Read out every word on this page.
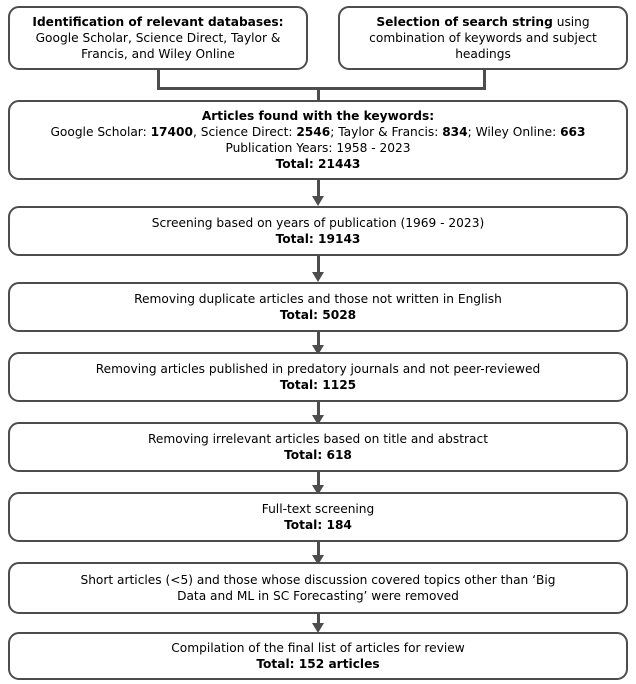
Identification of relevant databases:
Google Scholar, Science Direct, Taylor &
Francis, and Wiley Online
Selection of search string using
combination of keywords and subject
headings
Articles found with the keywords:
Google Scholar: 17400, Science Direct: 2546; Taylor & Francis: 834; Wiley Online: 663
Publication Years: 1958 - 2023
Total: 21443
Screening based on years of publication (1969 - 2023)
Total: 19143
Removing duplicate articles and those not written in English
Total: 5028
Removing articles published in predatory journals and not peer-reviewed
Total: 1125
Removing irrelevant articles based on title and abstract
Total: 618
Full-text screening
Total: 184
Short articles (<5) and those whose discussion covered topics other than ‘Big
Data and ML in SC Forecasting’ were removed
Compilation of the final list of articles for review
Total: 152 articles
